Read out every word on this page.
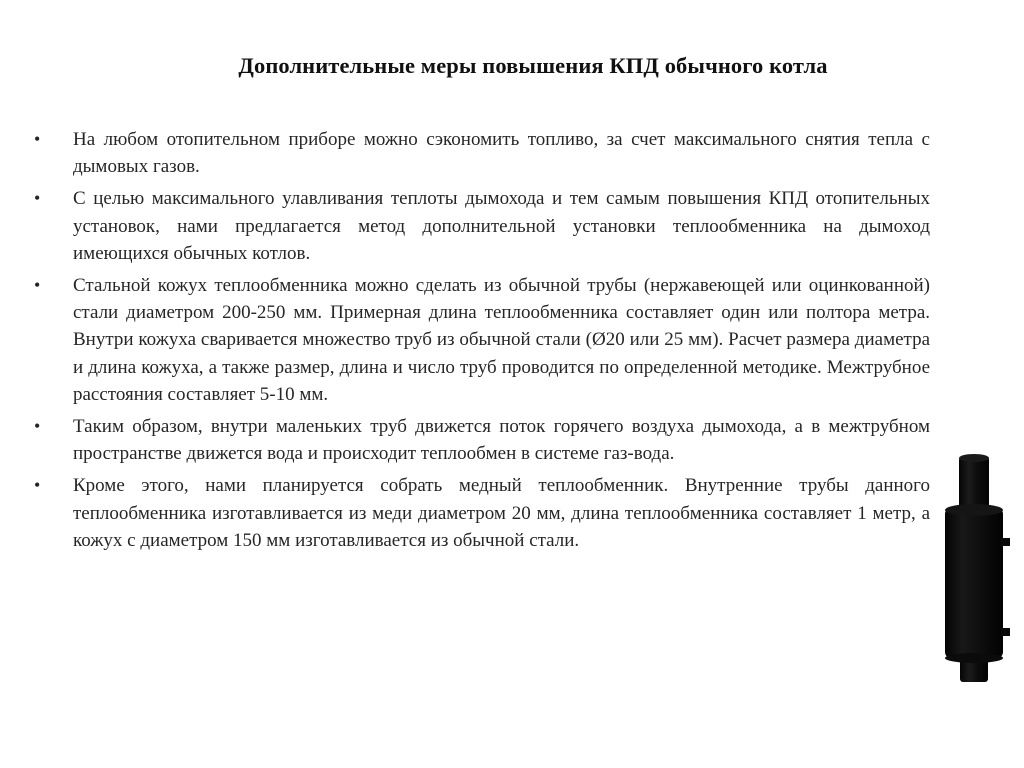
Дополнительные меры повышения КПД обычного котла
• На любом отопительном приборе можно сэкономить топливо, за счет максимального снятия тепла с дымовых газов.
• С целью максимального улавливания теплоты дымохода и тем самым повышения КПД отопительных установок, нами предлагается метод дополнительной установки теплообменника на дымоход имеющихся обычных котлов.
• Стальной кожух теплообменника можно сделать из обычной трубы (нержавеющей или оцинкованной) стали диаметром 200-250 мм. Примерная длина теплообменника составляет один или полтора метра. Внутри кожуха сваривается множество труб из обычной стали (Ø20 или 25 мм). Расчет размера диаметра и длина кожуха, а также размер, длина и число труб проводится по определенной методике. Межтрубное расстояния составляет 5-10 мм.
• Таким образом, внутри маленьких труб движется поток горячего воздуха дымохода, а в межтрубном пространстве движется вода и происходит теплообмен в системе газ-вода.
• Кроме этого, нами планируется собрать медный теплообменник. Внутренние трубы данного теплообменника изготавливается из меди диаметром 20 мм, длина теплообменника составляет 1 метр, а кожух с диаметром 150 мм изготавливается из обычной стали.
